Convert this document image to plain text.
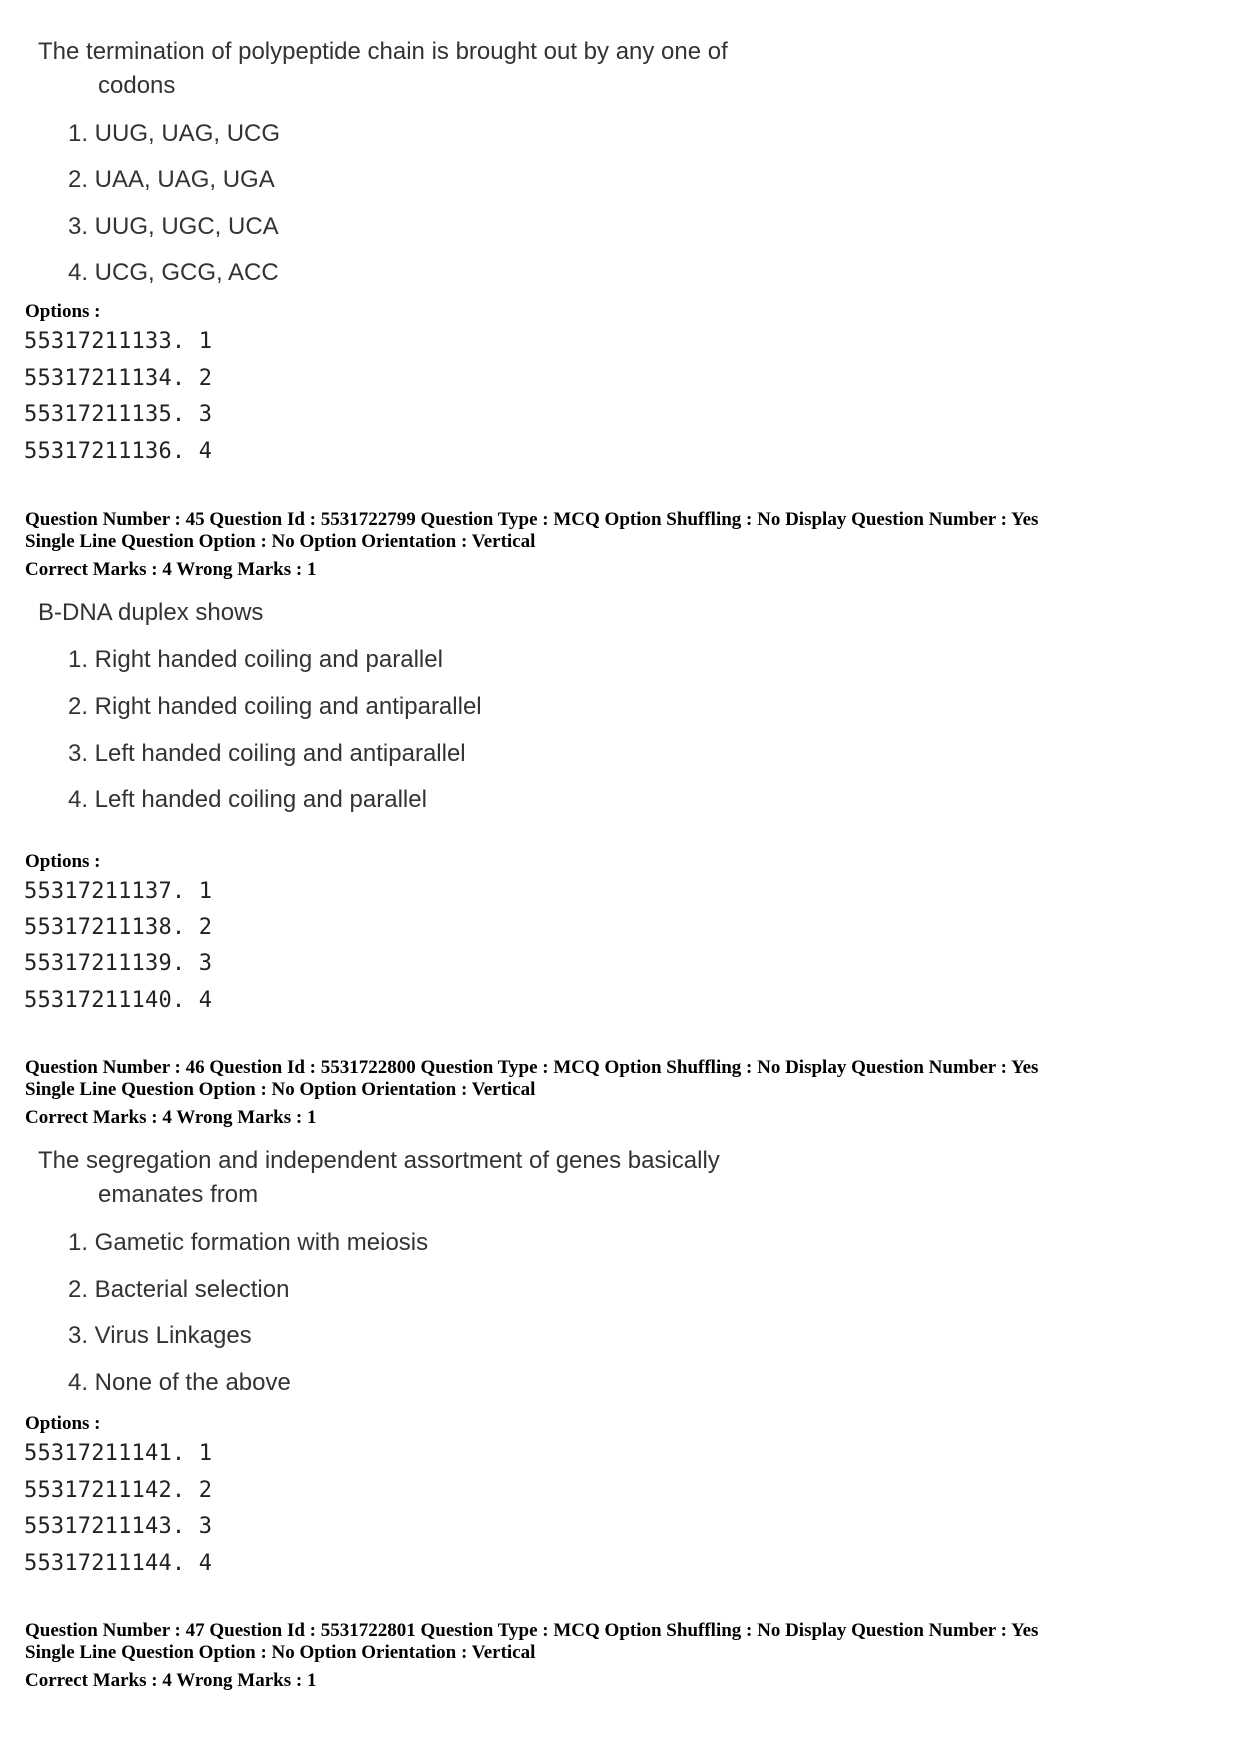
The termination of polypeptide chain is brought out by any one of
codons
1. UUG, UAG, UCG
2. UAA, UAG, UGA
3. UUG, UGC, UCA
4. UCG, GCG, ACC
Options :
55317211133. 1
55317211134. 2
55317211135. 3
55317211136. 4
Question Number : 45 Question Id : 5531722799 Question Type : MCQ Option Shuffling : No Display Question Number : Yes
Single Line Question Option : No Option Orientation : Vertical
Correct Marks : 4 Wrong Marks : 1
B-DNA duplex shows
1. Right handed coiling and parallel
2. Right handed coiling and antiparallel
3. Left handed coiling and antiparallel
4. Left handed coiling and parallel
Options :
55317211137. 1
55317211138. 2
55317211139. 3
55317211140. 4
Question Number : 46 Question Id : 5531722800 Question Type : MCQ Option Shuffling : No Display Question Number : Yes
Single Line Question Option : No Option Orientation : Vertical
Correct Marks : 4 Wrong Marks : 1
The segregation and independent assortment of genes basically
emanates from
1. Gametic formation with meiosis
2. Bacterial selection
3. Virus Linkages
4. None of the above
Options :
55317211141. 1
55317211142. 2
55317211143. 3
55317211144. 4
Question Number : 47 Question Id : 5531722801 Question Type : MCQ Option Shuffling : No Display Question Number : Yes
Single Line Question Option : No Option Orientation : Vertical
Correct Marks : 4 Wrong Marks : 1
